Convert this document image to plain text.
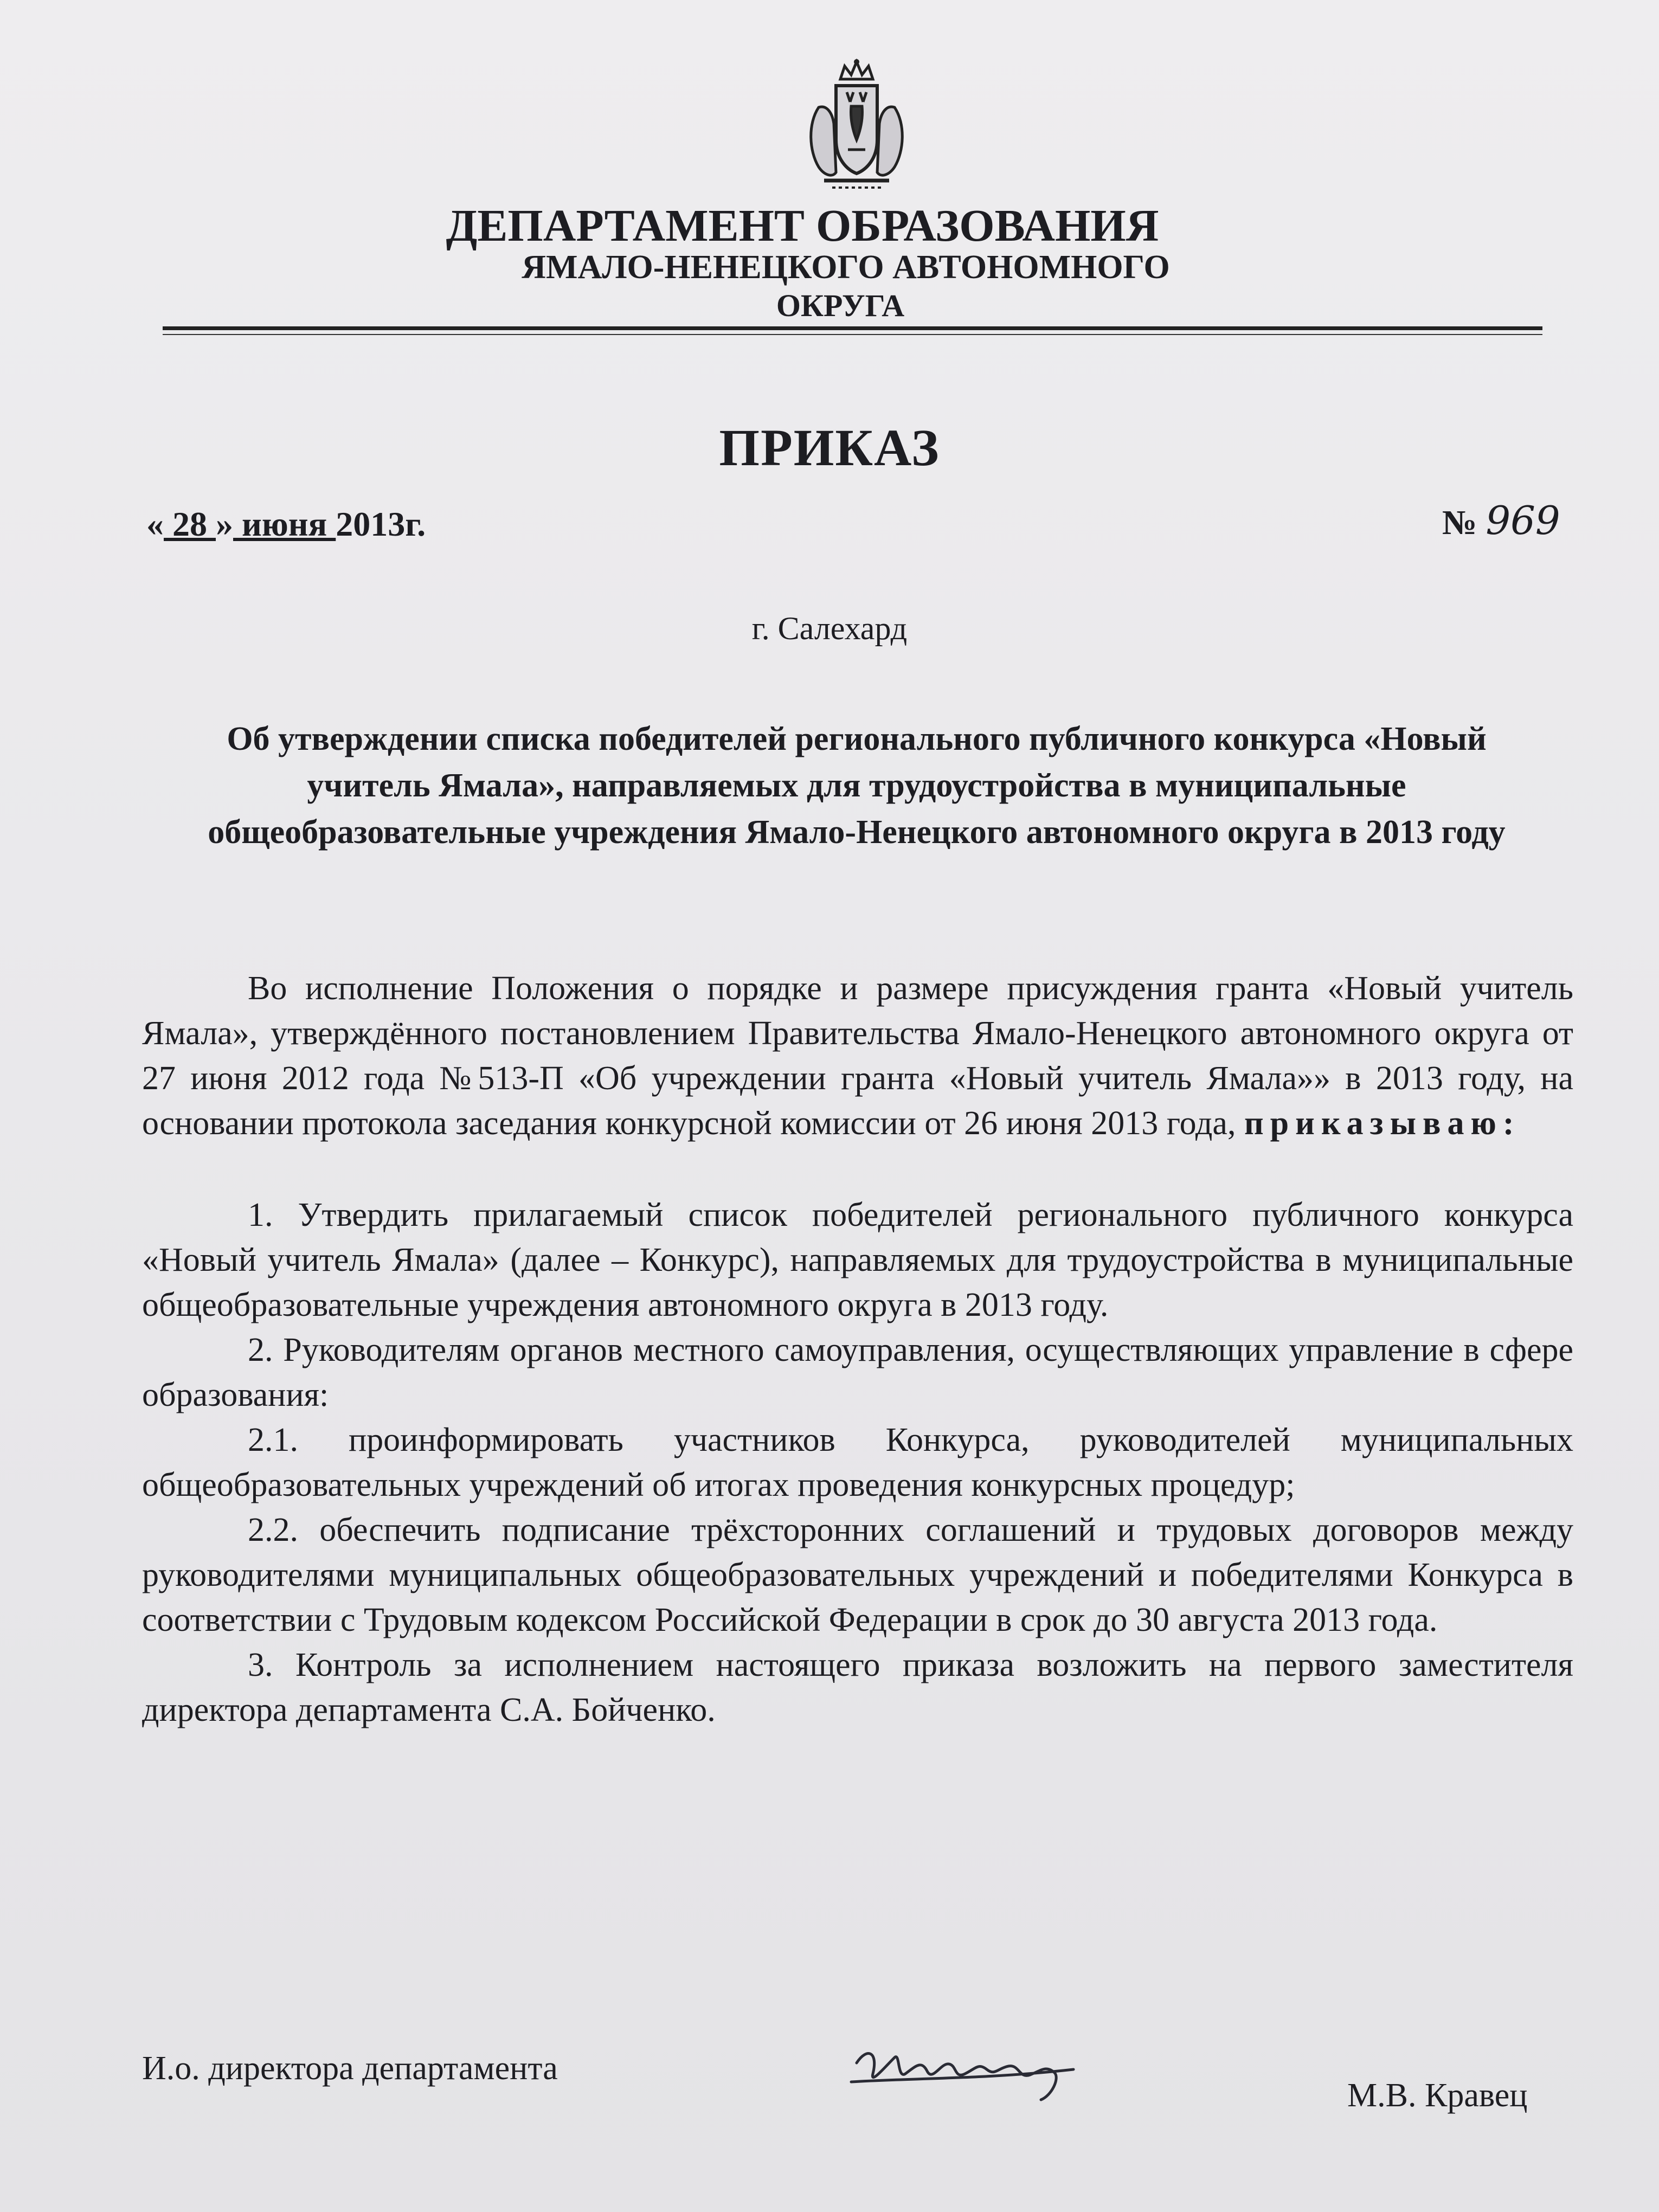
ДЕПАРТАМЕНТ ОБРАЗОВАНИЯ
ЯМАЛО-НЕНЕЦКОГО АВТОНОМНОГО
ОКРУГА
ПРИКАЗ
« 28 » июня 2013г.	№ 969
г. Салехард
Об утверждении списка победителей регионального публичного конкурса «Новый учитель Ямала», направляемых для трудоустройства в муниципальные общеобразовательные учреждения Ямало-Ненецкого автономного округа в 2013 году

Во исполнение Положения о порядке и размере присуждения гранта «Новый учитель Ямала», утверждённого постановлением Правительства Ямало-Ненецкого автономного округа от 27 июня 2012 года №513-П «Об учреждении гранта «Новый учитель Ямала»» в 2013 году, на основании протокола заседания конкурсной комиссии от 26 июня 2013 года, приказываю:

1. Утвердить прилагаемый список победителей регионального публичного конкурса «Новый учитель Ямала» (далее – Конкурс), направляемых для трудоустройства в муниципальные общеобразовательные учреждения автономного округа в 2013 году.

2. Руководителям органов местного самоуправления, осуществляющих управление в сфере образования:

2.1. проинформировать участников Конкурса, руководителей муниципальных общеобразовательных учреждений об итогах проведения конкурсных процедур;

2.2. обеспечить подписание трёхсторонних соглашений и трудовых договоров между руководителями муниципальных общеобразовательных учреждений и победителями Конкурса в соответствии с Трудовым кодексом Российской Федерации в срок до 30 августа 2013 года.

3. Контроль за исполнением настоящего приказа возложить на первого заместителя директора департамента С.А. Бойченко.

И.о. директора департамента
М.В. Кравец
